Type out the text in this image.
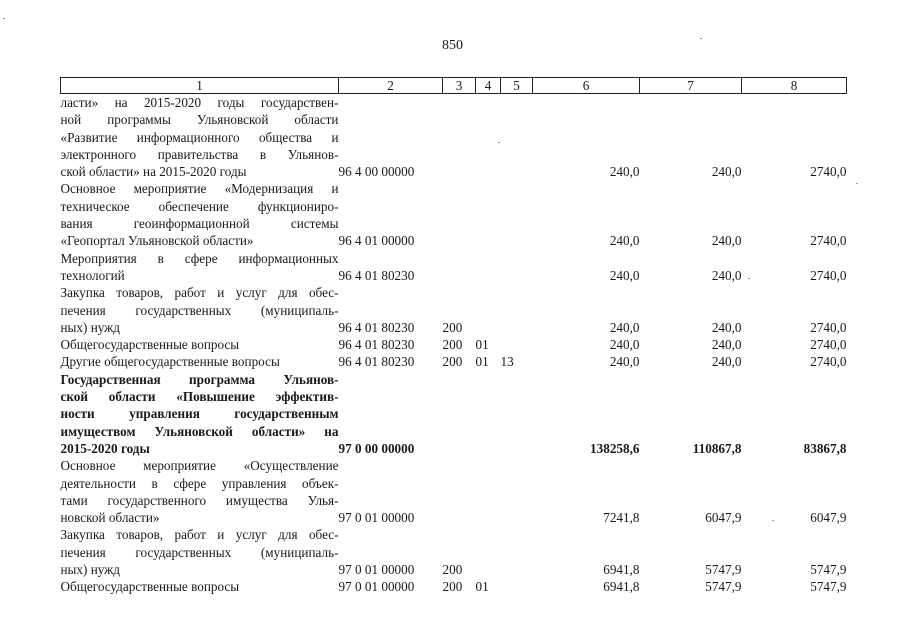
850
1	2	3	4	5	6	7	8

ласти» на 2015-2020 годы государствен-
ной программы Ульяновской области
«Развитие информационного общества и
электронного правительства в Ульянов-
ской области» на 2015-2020 годы	96 4 00 00000				240,0	240,0	2740,0

Основное мероприятие «Модернизация и
техническое обеспечение функциониро-
вания геоинформационной системы
«Геопортал Ульяновской области»	96 4 01 00000				240,0	240,0	2740,0

Мероприятия в сфере информационных
технологий	96 4 01 80230				240,0	240,0	2740,0

Закупка товаров, работ и услуг для обес-
печения государственных (муниципаль-
ных) нужд	96 4 01 80230	200			240,0	240,0	2740,0

Общегосударственные вопросы	96 4 01 80230	200	01		240,0	240,0	2740,0

Другие общегосударственные вопросы	96 4 01 80230	200	01	13	240,0	240,0	2740,0

Государственная программа Ульянов-
ской области «Повышение эффектив-
ности управления государственным
имуществом Ульяновской области» на
2015-2020 годы	97 0 00 00000				138258,6	110867,8	83867,8

Основное мероприятие «Осуществление
деятельности в сфере управления объек-
тами государственного имущества Улья-
новской области»	97 0 01 00000				7241,8	6047,9	6047,9

Закупка товаров, работ и услуг для обес-
печения государственных (муниципаль-
ных) нужд	97 0 01 00000	200			6941,8	5747,9	5747,9

Общегосударственные вопросы	97 0 01 00000	200	01		6941,8	5747,9	5747,9
